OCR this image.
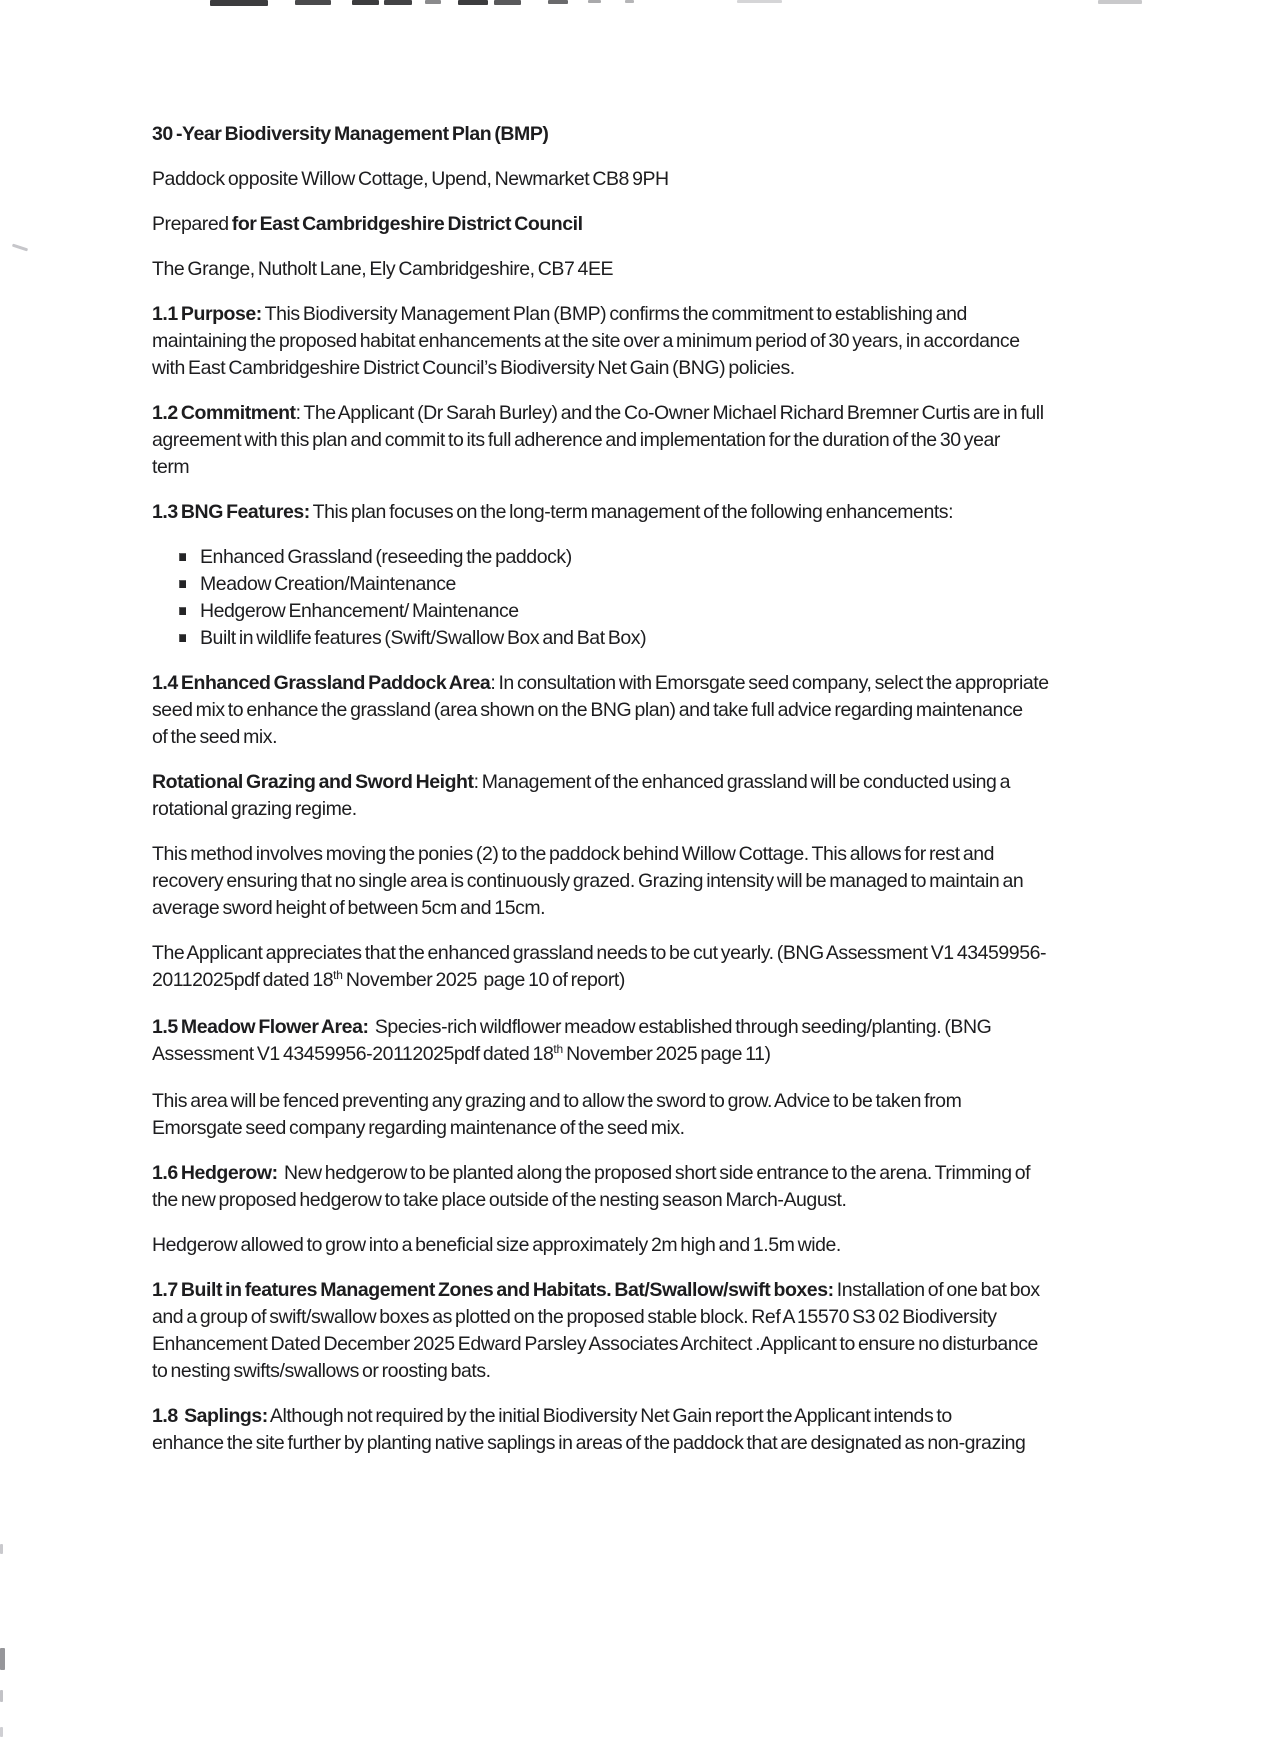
30 -Year Biodiversity Management Plan (BMP)

Paddock opposite Willow Cottage, Upend, Newmarket CB8 9PH

Prepared for East Cambridgeshire District Council

The Grange, Nutholt Lane, Ely Cambridgeshire, CB7 4EE

1.1 Purpose: This Biodiversity Management Plan (BMP) confirms the commitment to establishing and
maintaining the proposed habitat enhancements at the site over a minimum period of 30 years, in accordance
with East Cambridgeshire District Council’s Biodiversity Net Gain (BNG) policies.

1.2 Commitment: The Applicant (Dr Sarah Burley) and the Co-Owner Michael Richard Bremner Curtis are in full
agreement with this plan and commit to its full adherence and implementation for the duration of the 30 year
term

1.3 BNG Features: This plan focuses on the long-term management of the following enhancements:

Enhanced Grassland (reseeding the paddock)
Meadow Creation/Maintenance
Hedgerow Enhancement/ Maintenance
Built in wildlife features (Swift/Swallow Box and Bat Box)

1.4 Enhanced Grassland Paddock Area: In consultation with Emorsgate seed company, select the appropriate
seed mix to enhance the grassland (area shown on the BNG plan) and take full advice regarding maintenance
of the seed mix.

Rotational Grazing and Sword Height: Management of the enhanced grassland will be conducted using a
rotational grazing regime.

This method involves moving the ponies (2) to the paddock behind Willow Cottage. This allows for rest and
recovery ensuring that no single area is continuously grazed. Grazing intensity will be managed to maintain an
average sword height of between 5cm and 15cm.

The Applicant appreciates that the enhanced grassland needs to be cut yearly. (BNG Assessment V1 43459956-
20112025pdf dated 18th November 2025  page 10 of report)

1.5 Meadow Flower Area:  Species-rich wildflower meadow established through seeding/planting. (BNG
Assessment V1 43459956-20112025pdf dated 18th November 2025 page 11)

This area will be fenced preventing any grazing and to allow the sword to grow. Advice to be taken from
Emorsgate seed company regarding maintenance of the seed mix.

1.6 Hedgerow:  New hedgerow to be planted along the proposed short side entrance to the arena. Trimming of
the new proposed hedgerow to take place outside of the nesting season March-August.

Hedgerow allowed to grow into a beneficial size approximately 2m high and 1.5m wide.

1.7 Built in features Management Zones and Habitats. Bat/Swallow/swift boxes: Installation of one bat box
and a group of swift/swallow boxes as plotted on the proposed stable block. Ref A 15570 S3 02 Biodiversity
Enhancement Dated December 2025 Edward Parsley Associates Architect .Applicant to ensure no disturbance
to nesting swifts/swallows or roosting bats.

1.8  Saplings: Although not required by the initial Biodiversity Net Gain report the Applicant intends to
enhance the site further by planting native saplings in areas of the paddock that are designated as non-grazing
